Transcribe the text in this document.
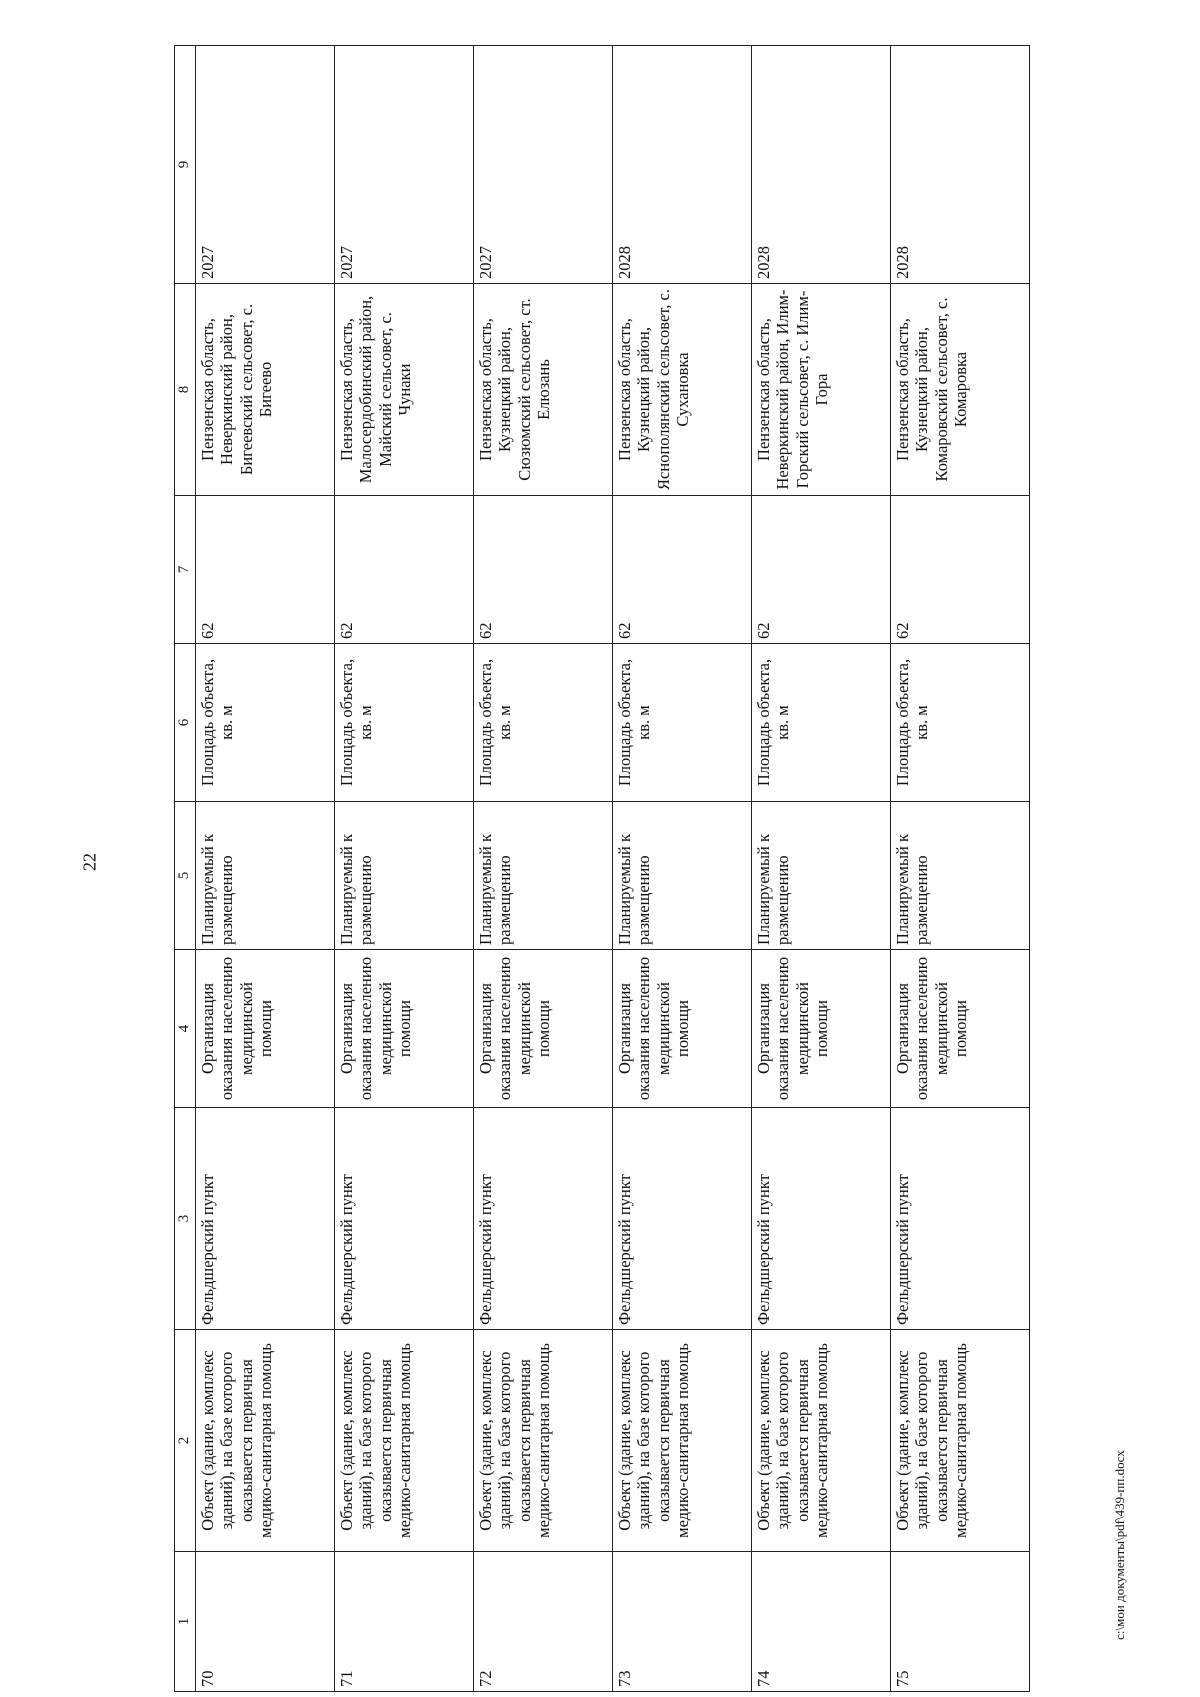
22
1	2	3	4	5	6	7	8	9
70	Объект (здание, комплекс зданий), на базе которого оказывается первичная медико-санитарная помощь	Фельдшерский пункт	Организация оказания населению медицинской помощи	Планируемый к размещению	Площадь объекта, кв. м	62	Пензенская область, Неверкинский район, Бигеевский сельсовет, с. Бигеево	2027
71	Объект (здание, комплекс зданий), на базе которого оказывается первичная медико-санитарная помощь	Фельдшерский пункт	Организация оказания населению медицинской помощи	Планируемый к размещению	Площадь объекта, кв. м	62	Пензенская область, Малосердобинский район, Майский сельсовет, с. Чунаки	2027
72	Объект (здание, комплекс зданий), на базе которого оказывается первичная медико-санитарная помощь	Фельдшерский пункт	Организация оказания населению медицинской помощи	Планируемый к размещению	Площадь объекта, кв. м	62	Пензенская область, Кузнецкий район, Сюзюмский сельсовет, ст. Елюзань	2027
73	Объект (здание, комплекс зданий), на базе которого оказывается первичная медико-санитарная помощь	Фельдшерский пункт	Организация оказания населению медицинской помощи	Планируемый к размещению	Площадь объекта, кв. м	62	Пензенская область, Кузнецкий район, Яснополянский сельсовет, с. Сухановка	2028
74	Объект (здание, комплекс зданий), на базе которого оказывается первичная медико-санитарная помощь	Фельдшерский пункт	Организация оказания населению медицинской помощи	Планируемый к размещению	Площадь объекта, кв. м	62	Пензенская область, Неверкинский район, Илим-Горский сельсовет, с. Илим-Гора	2028
75	Объект (здание, комплекс зданий), на базе которого оказывается первичная медико-санитарная помощь	Фельдшерский пункт	Организация оказания населению медицинской помощи	Планируемый к размещению	Площадь объекта, кв. м	62	Пензенская область, Кузнецкий район, Комаровский сельсовет, с. Комаровка	2028
c:\мои документы\pdf\439-пп.docx
